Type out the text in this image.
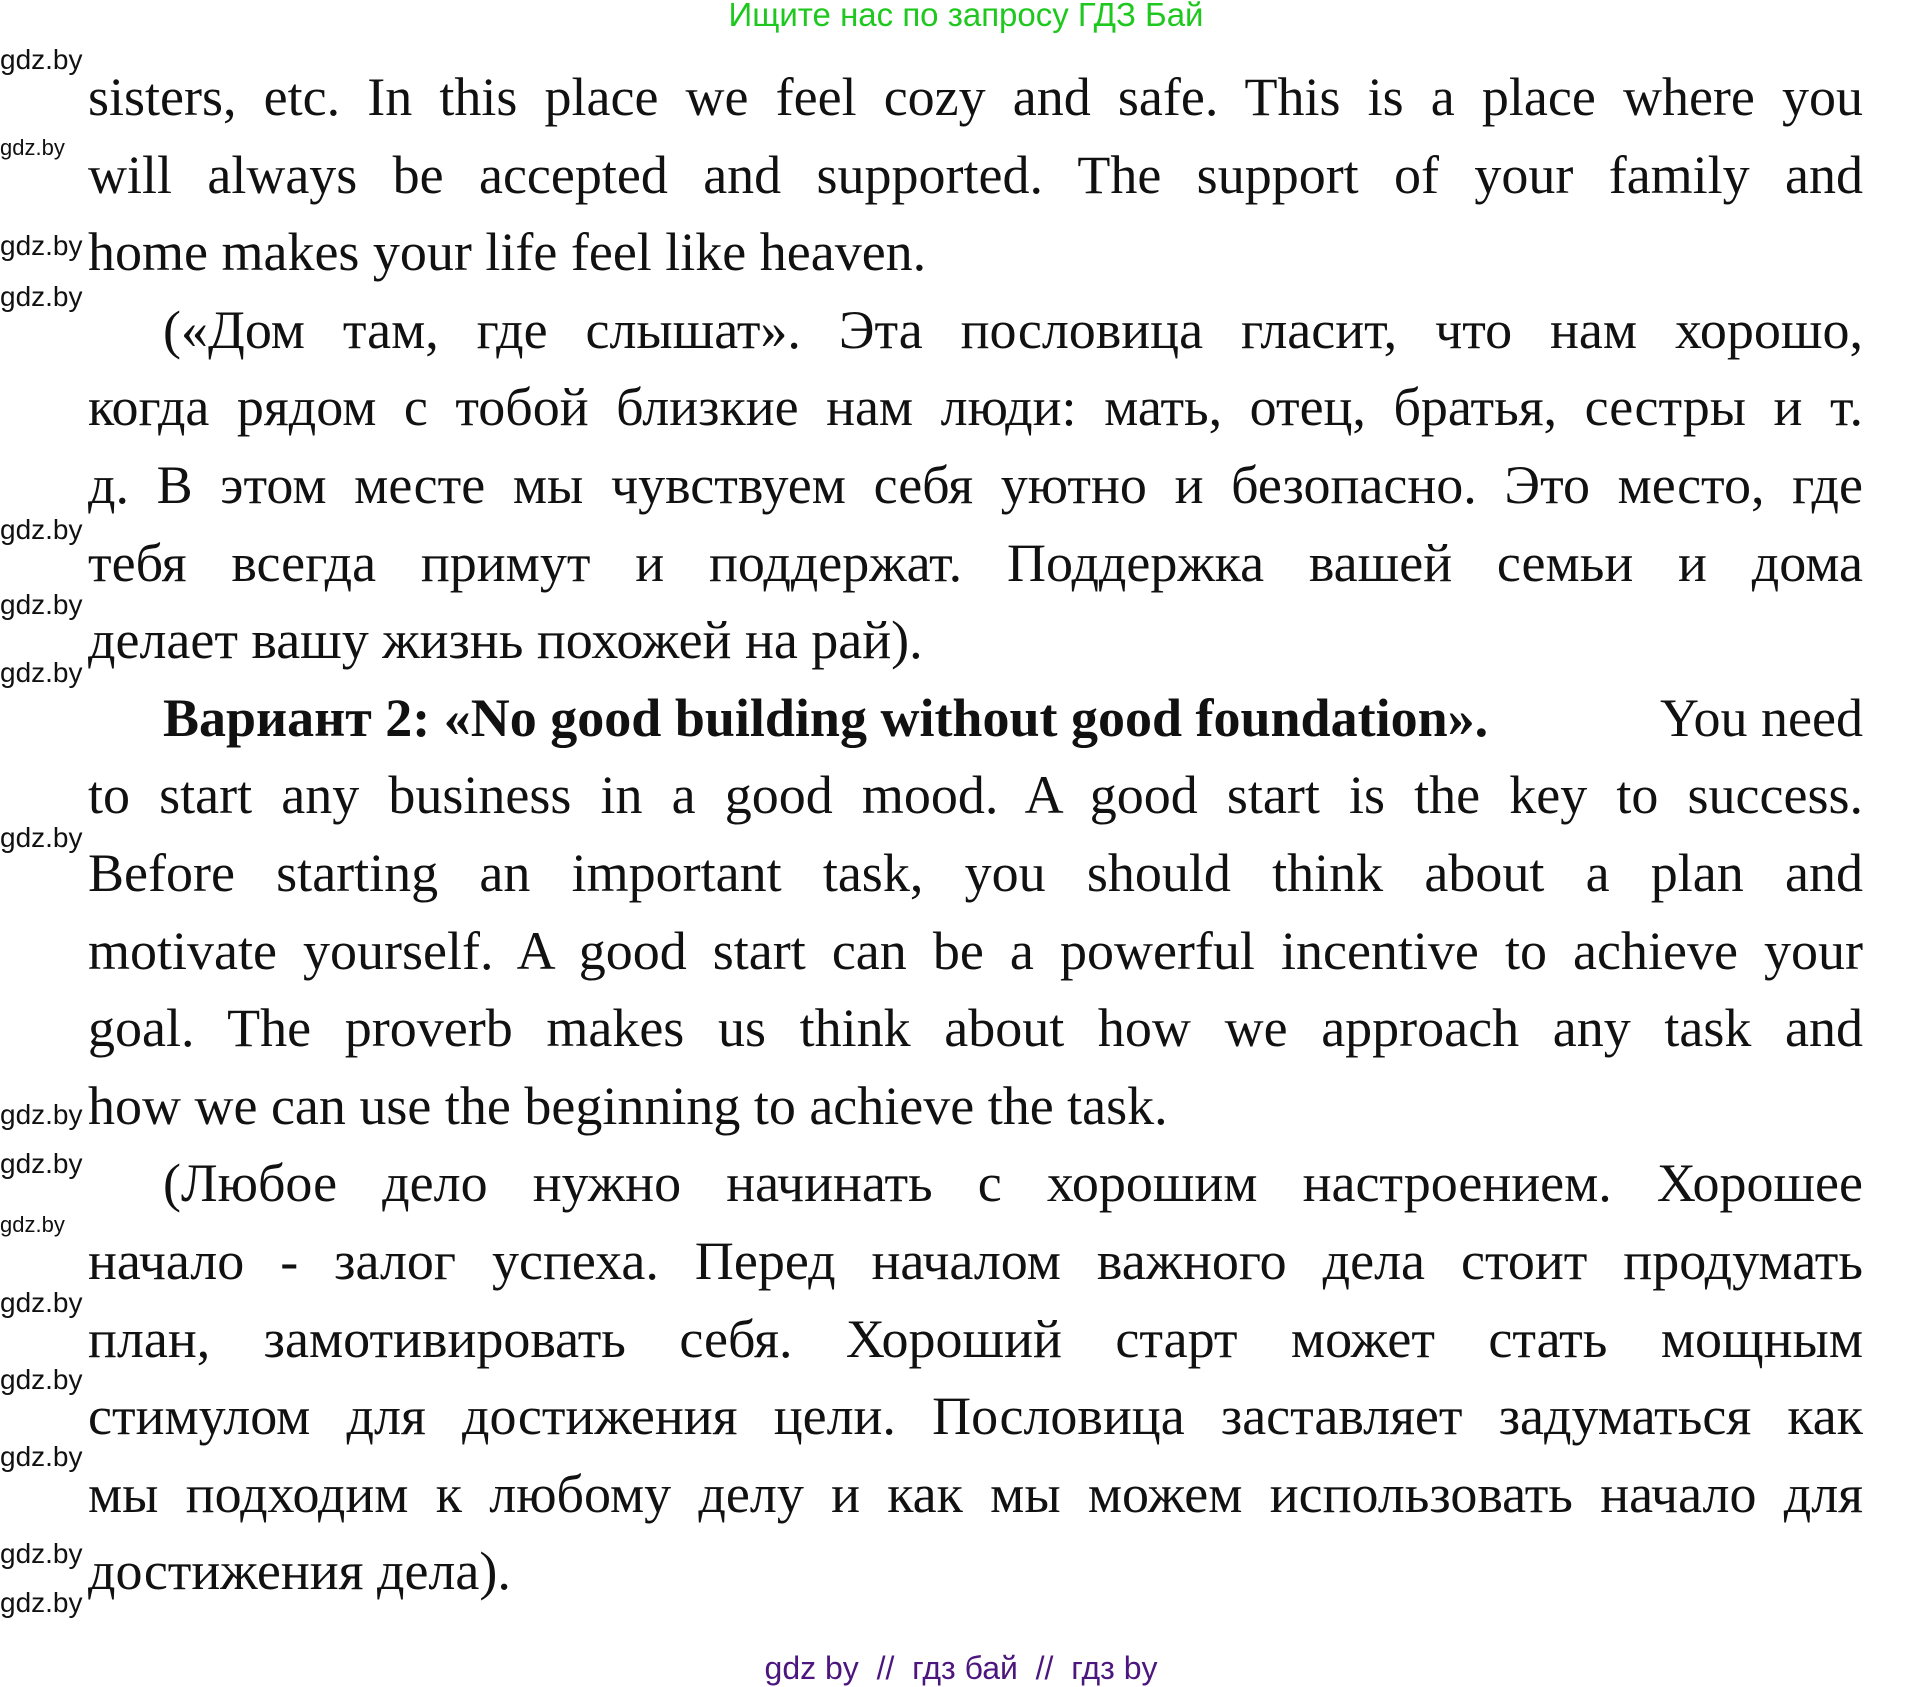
Ищите нас по запросу ГДЗ Бай
sisters, etc. In this place we feel cozy and safe. This is a place where you
will always be accepted and supported. The support of your family and
home makes your life feel like heaven.
(«Дом там, где слышат». Эта пословица гласит, что нам хорошо,
когда рядом с тобой близкие нам люди: мать, отец, братья, сестры и т.
д. В этом месте мы чувствуем себя уютно и безопасно. Это место, где
тебя всегда примут и поддержат. Поддержка вашей семьи и дома
делает вашу жизнь похожей на рай).
Вариант 2: «No good building without good foundation».	You need
to start any business in a good mood. A good start is the key to success.
Before starting an important task, you should think about a plan and
motivate yourself. A good start can be a powerful incentive to achieve your
goal. The proverb makes us think about how we approach any task and
how we can use the beginning to achieve the task.
(Любое дело нужно начинать с хорошим настроением. Хорошее
начало - залог успеха. Перед началом важного дела стоит продумать
план, замотивировать себя. Хороший старт может стать мощным
стимулом для достижения цели. Пословица заставляет задуматься как
мы подходим к любому делу и как мы можем использовать начало для
достижения дела).
gdz.by
gdz.by
gdz.by
gdz.by
gdz.by
gdz.by
gdz.by
gdz.by
gdz.by
gdz.by
gdz.by
gdz.by
gdz.by
gdz.by
gdz.by
gdz.by
gdz by  //  гдз бай  //  гдз by
